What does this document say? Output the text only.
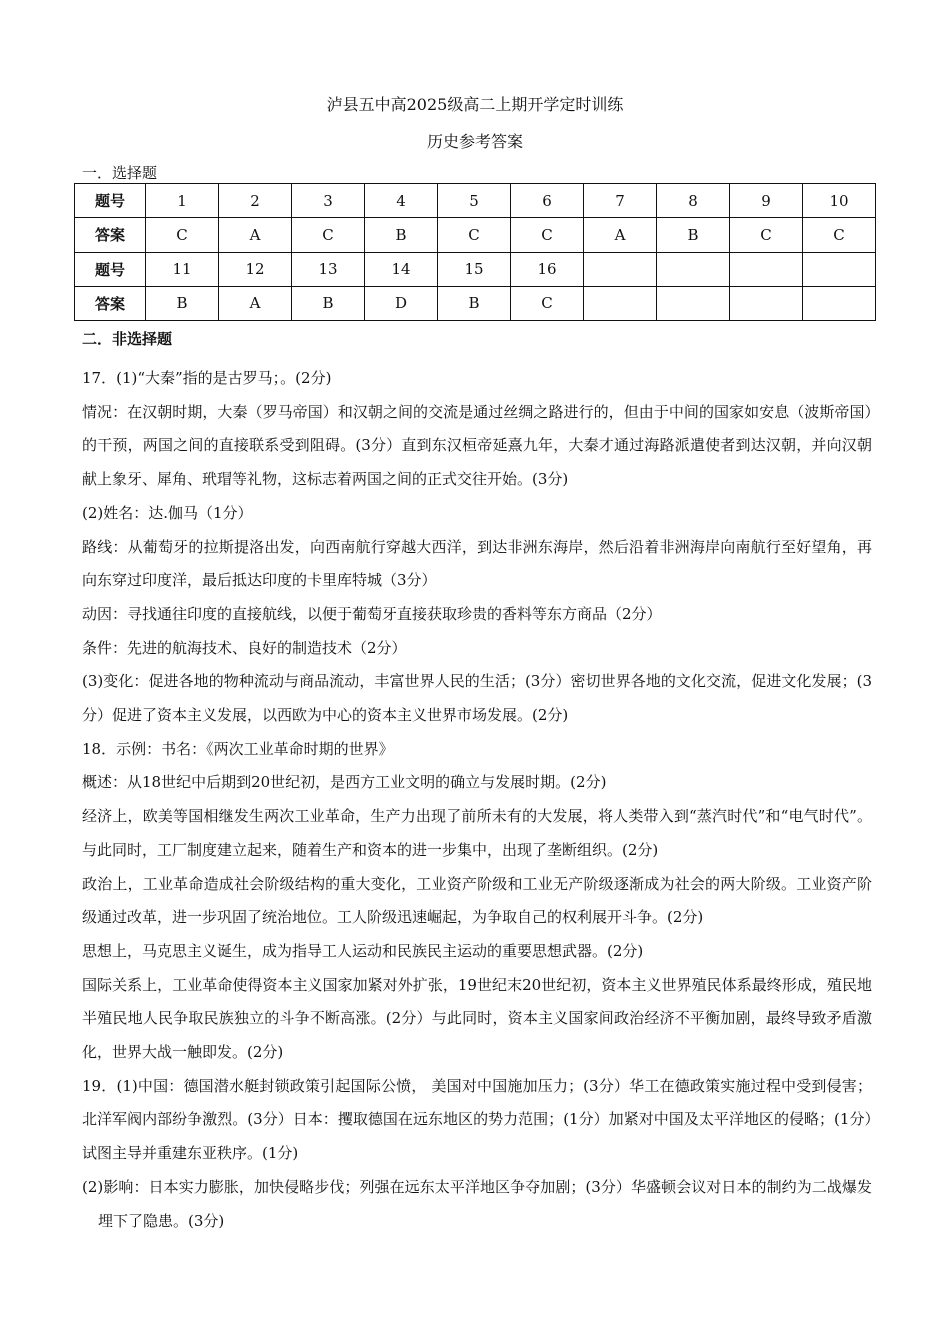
泸县五中高2025级高二上期开学定时训练
历史参考答案
一．选择题
题号	1	2	3	4	5	6	7	8	9	10
答案	C	A	C	B	C	C	A	B	C	C
题号	11	12	13	14	15	16				
答案	B	A	B	D	B	C				
二．非选择题

17．(1)“大秦”指的是古罗马；。(2分)

情况：在汉朝时期，大秦（罗马帝国）和汉朝之间的交流是通过丝绸之路进行的，但由于中间的国家如安息（波斯帝国）的干预，两国之间的直接联系受到阻碍。(3分）直到东汉桓帝延熹九年，大秦才通过海路派遣使者到达汉朝，并向汉朝献上象牙、犀角、玳瑁等礼物，这标志着两国之间的正式交往开始。(3分)

(2)姓名：达.伽马（1分）

路线：从葡萄牙的拉斯提洛出发，向西南航行穿越大西洋，到达非洲东海岸，然后沿着非洲海岸向南航行至好望角，再向东穿过印度洋，最后抵达印度的卡里库特城（3分）

动因：寻找通往印度的直接航线，以便于葡萄牙直接获取珍贵的香料等东方商品（2分）

条件：先进的航海技术、良好的制造技术（2分）

(3)变化：促进各地的物种流动与商品流动，丰富世界人民的生活；(3分）密切世界各地的文化交流，促进文化发展；(3分）促进了资本主义发展，以西欧为中心的资本主义世界市场发展。(2分)

18．示例：书名：《两次工业革命时期的世界》

概述：从18世纪中后期到20世纪初，是西方工业文明的确立与发展时期。(2分)

经济上，欧美等国相继发生两次工业革命，生产力出现了前所未有的大发展，将人类带入到“蒸汽时代”和“电气时代”。与此同时，工厂制度建立起来，随着生产和资本的进一步集中，出现了垄断组织。(2分)

政治上，工业革命造成社会阶级结构的重大变化，工业资产阶级和工业无产阶级逐渐成为社会的两大阶级。工业资产阶级通过改革，进一步巩固了统治地位。工人阶级迅速崛起，为争取自己的权利展开斗争。(2分)

思想上，马克思主义诞生，成为指导工人运动和民族民主运动的重要思想武器。(2分)

国际关系上，工业革命使得资本主义国家加紧对外扩张，19世纪末20世纪初，资本主义世界殖民体系最终形成，殖民地半殖民地人民争取民族独立的斗争不断高涨。(2分）与此同时，资本主义国家间政治经济不平衡加剧，最终导致矛盾激化，世界大战一触即发。(2分)

19．(1)中国：德国潜水艇封锁政策引起国际公愤， 美国对中国施加压力；(3分）华工在德政策实施过程中受到侵害； 北洋军阀内部纷争激烈。(3分）日本：攫取德国在远东地区的势力范围；(1分）加紧对中国及太平洋地区的侵略；(1分）试图主导并重建东亚秩序。(1分)

(2)影响：日本实力膨胀，加快侵略步伐；列强在远东太平洋地区争夺加剧；(3分）华盛顿会议对日本的制约为二战爆发埋下了隐患。(3分)
